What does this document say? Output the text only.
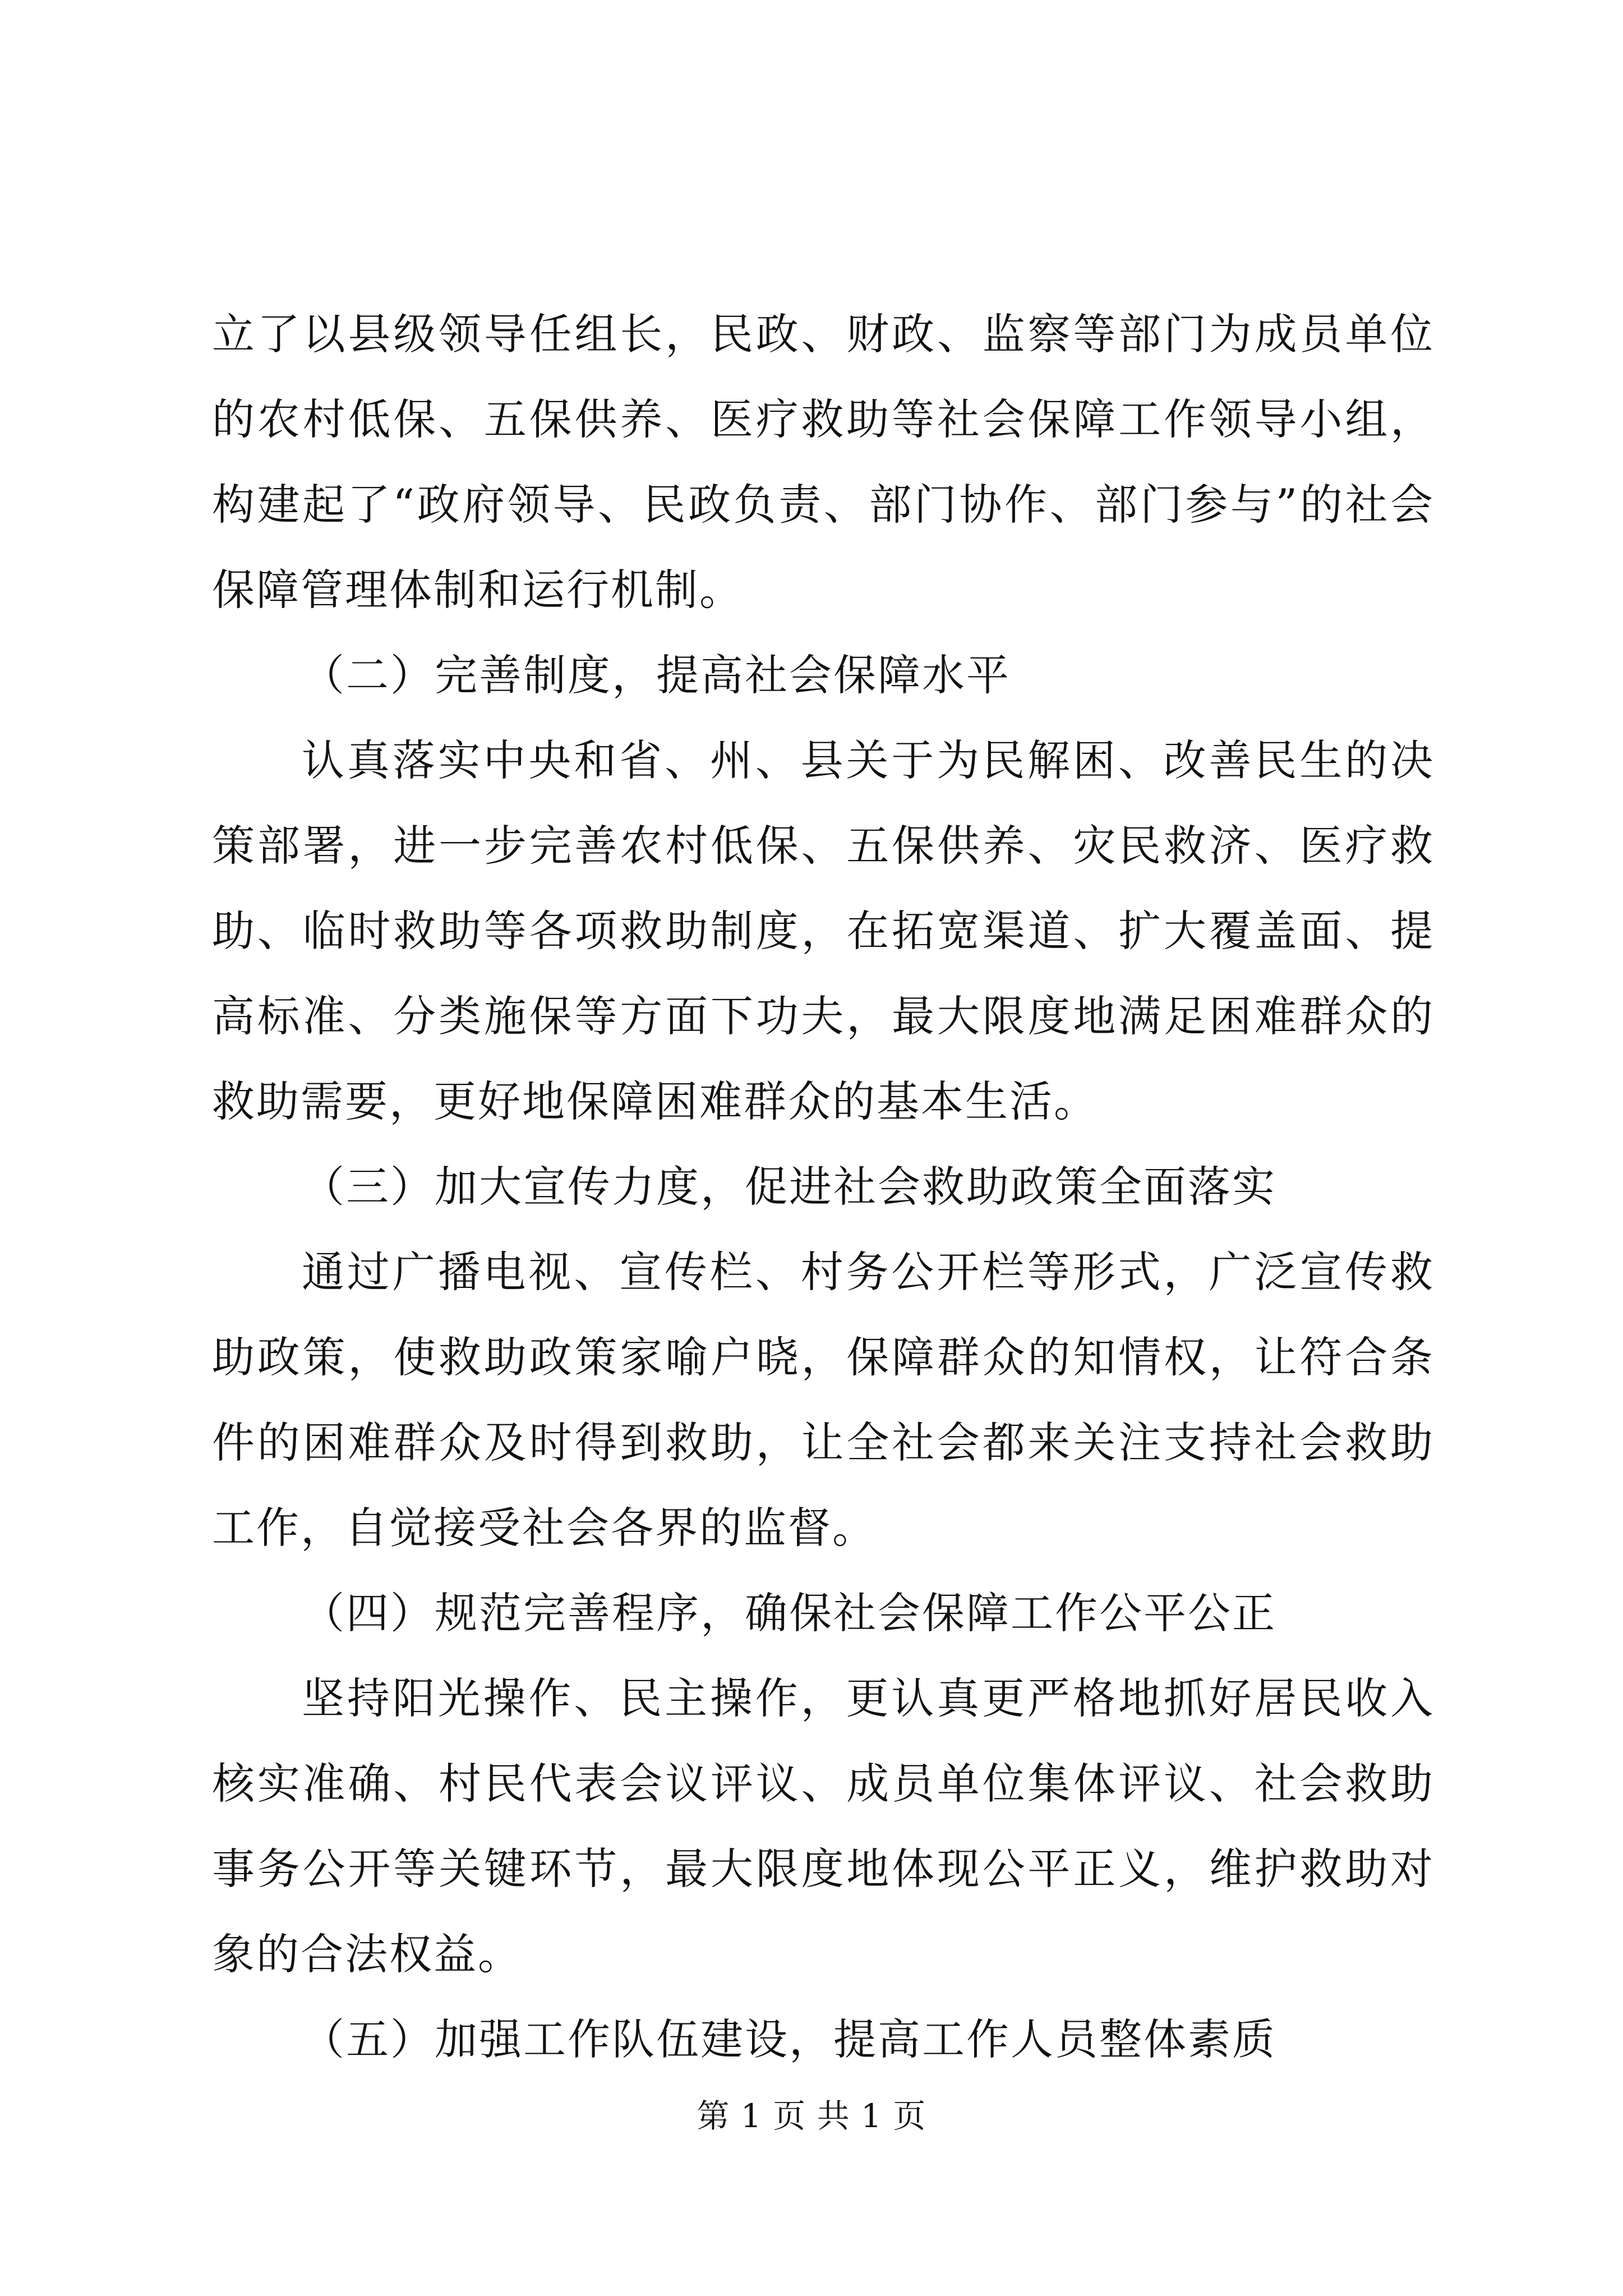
立了以县级领导任组长，民政、财政、监察等部门为成员单位的农村低保、五保供养、医疗救助等社会保障工作领导小组，构建起了“政府领导、民政负责、部门协作、部门参与”的社会保障管理体制和运行机制。

（二）完善制度，提高社会保障水平

认真落实中央和省、州、县关于为民解困、改善民生的决策部署，进一步完善农村低保、五保供养、灾民救济、医疗救助、临时救助等各项救助制度，在拓宽渠道、扩大覆盖面、提高标准、分类施保等方面下功夫，最大限度地满足困难群众的救助需要，更好地保障困难群众的基本生活。

（三）加大宣传力度，促进社会救助政策全面落实

通过广播电视、宣传栏、村务公开栏等形式，广泛宣传救助政策，使救助政策家喻户晓，保障群众的知情权，让符合条件的困难群众及时得到救助，让全社会都来关注支持社会救助工作，自觉接受社会各界的监督。

（四）规范完善程序，确保社会保障工作公平公正

坚持阳光操作、民主操作，更认真更严格地抓好居民收入核实准确、村民代表会议评议、成员单位集体评议、社会救助事务公开等关键环节，最大限度地体现公平正义，维护救助对象的合法权益。

（五）加强工作队伍建设，提高工作人员整体素质

第 1 页 共 1 页
